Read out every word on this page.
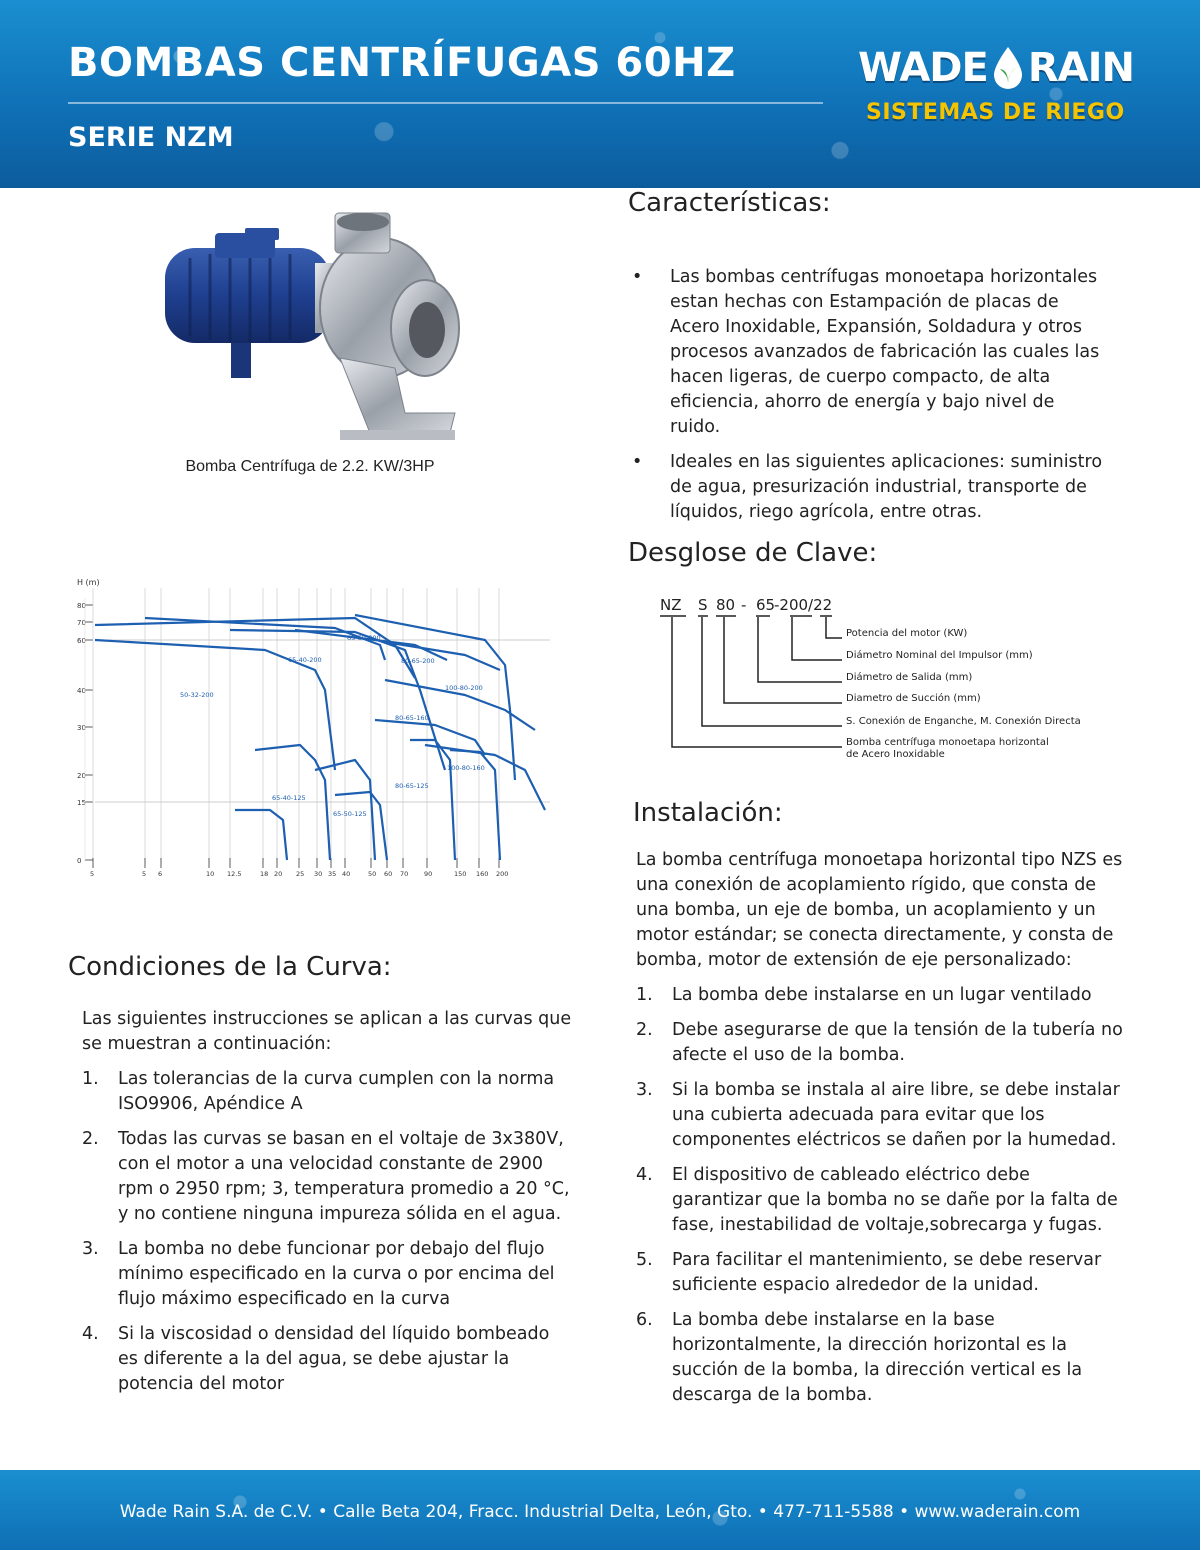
BOMBAS CENTRÍFUGAS 60HZ
SERIE NZM
WADE RAIN
SISTEMAS DE RIEGO
Bomba Centrífuga de 2.2. KW/3HP
H (m)
80
70
60
40
30
20
15
0
5	5 6	10 12.5	18 20 25 30 35 40	50 60 70 90	150 160 200
50-32-200
65-40-200
65-50-200
80-65-200
100-80-200
80-65-160
100-80-160
80-65-125
65-40-125
65-50-125
Condiciones de la Curva:
Las siguientes instrucciones se aplican a las curvas que se muestran a continuación:
1. Las tolerancias de la curva cumplen con la norma ISO9906, Apéndice A
2. Todas las curvas se basan en el voltaje de 3x380V, con el motor a una velocidad constante de 2900 rpm o 2950 rpm; 3, temperatura promedio a 20 °C, y no contiene ninguna impureza sólida en el agua.
3. La bomba no debe funcionar por debajo del flujo mínimo especificado en la curva o por encima del flujo máximo especificado en la curva
4. Si la viscosidad o densidad del líquido bombeado es diferente a la del agua, se debe ajustar la potencia del motor
Características:
• Las bombas centrífugas monoetapa horizontales estan hechas con Estampación de placas de Acero Inoxidable, Expansión, Soldadura y otros procesos avanzados de fabricación las cuales las hacen ligeras, de cuerpo compacto, de alta eficiencia, ahorro de energía y bajo nivel de ruido.
• Ideales en las siguientes aplicaciones: suministro de agua, presurización industrial, transporte de líquidos, riego agrícola, entre otras.
Desglose de Clave:
NZ S 80 - 65
-200/22
Potencia del motor (KW)
Diámetro Nominal del Impulsor (mm)
Diámetro de Salida (mm)
Diametro de Succión (mm)
S. Conexión de Enganche, M. Conexión Directa
Bomba centrífuga monoetapa horizontal
de Acero Inoxidable
Instalación:
La bomba centrífuga monoetapa horizontal tipo NZS es una conexión de acoplamiento rígido, que consta de una bomba, un eje de bomba, un acoplamiento y un motor estándar; se conecta directamente, y consta de bomba, motor de extensión de eje personalizado:
1. La bomba debe instalarse en un lugar ventilado
2. Debe asegurarse de que la tensión de la tubería no afecte el uso de la bomba.
3. Si la bomba se instala al aire libre, se debe instalar una cubierta adecuada para evitar que los componentes eléctricos se dañen por la humedad.
4. El dispositivo de cableado eléctrico debe garantizar que la bomba no se dañe por la falta de fase, inestabilidad de voltaje,sobrecarga y fugas.
5. Para facilitar el mantenimiento, se debe reservar suficiente espacio alrededor de la unidad.
6. La bomba debe instalarse en la base horizontalmente, la dirección horizontal es la succión de la bomba, la dirección vertical es la descarga de la bomba.
Wade Rain S.A. de C.V. • Calle Beta 204, Fracc. Industrial Delta, León, Gto. • 477-711-5588 • www.waderain.com
